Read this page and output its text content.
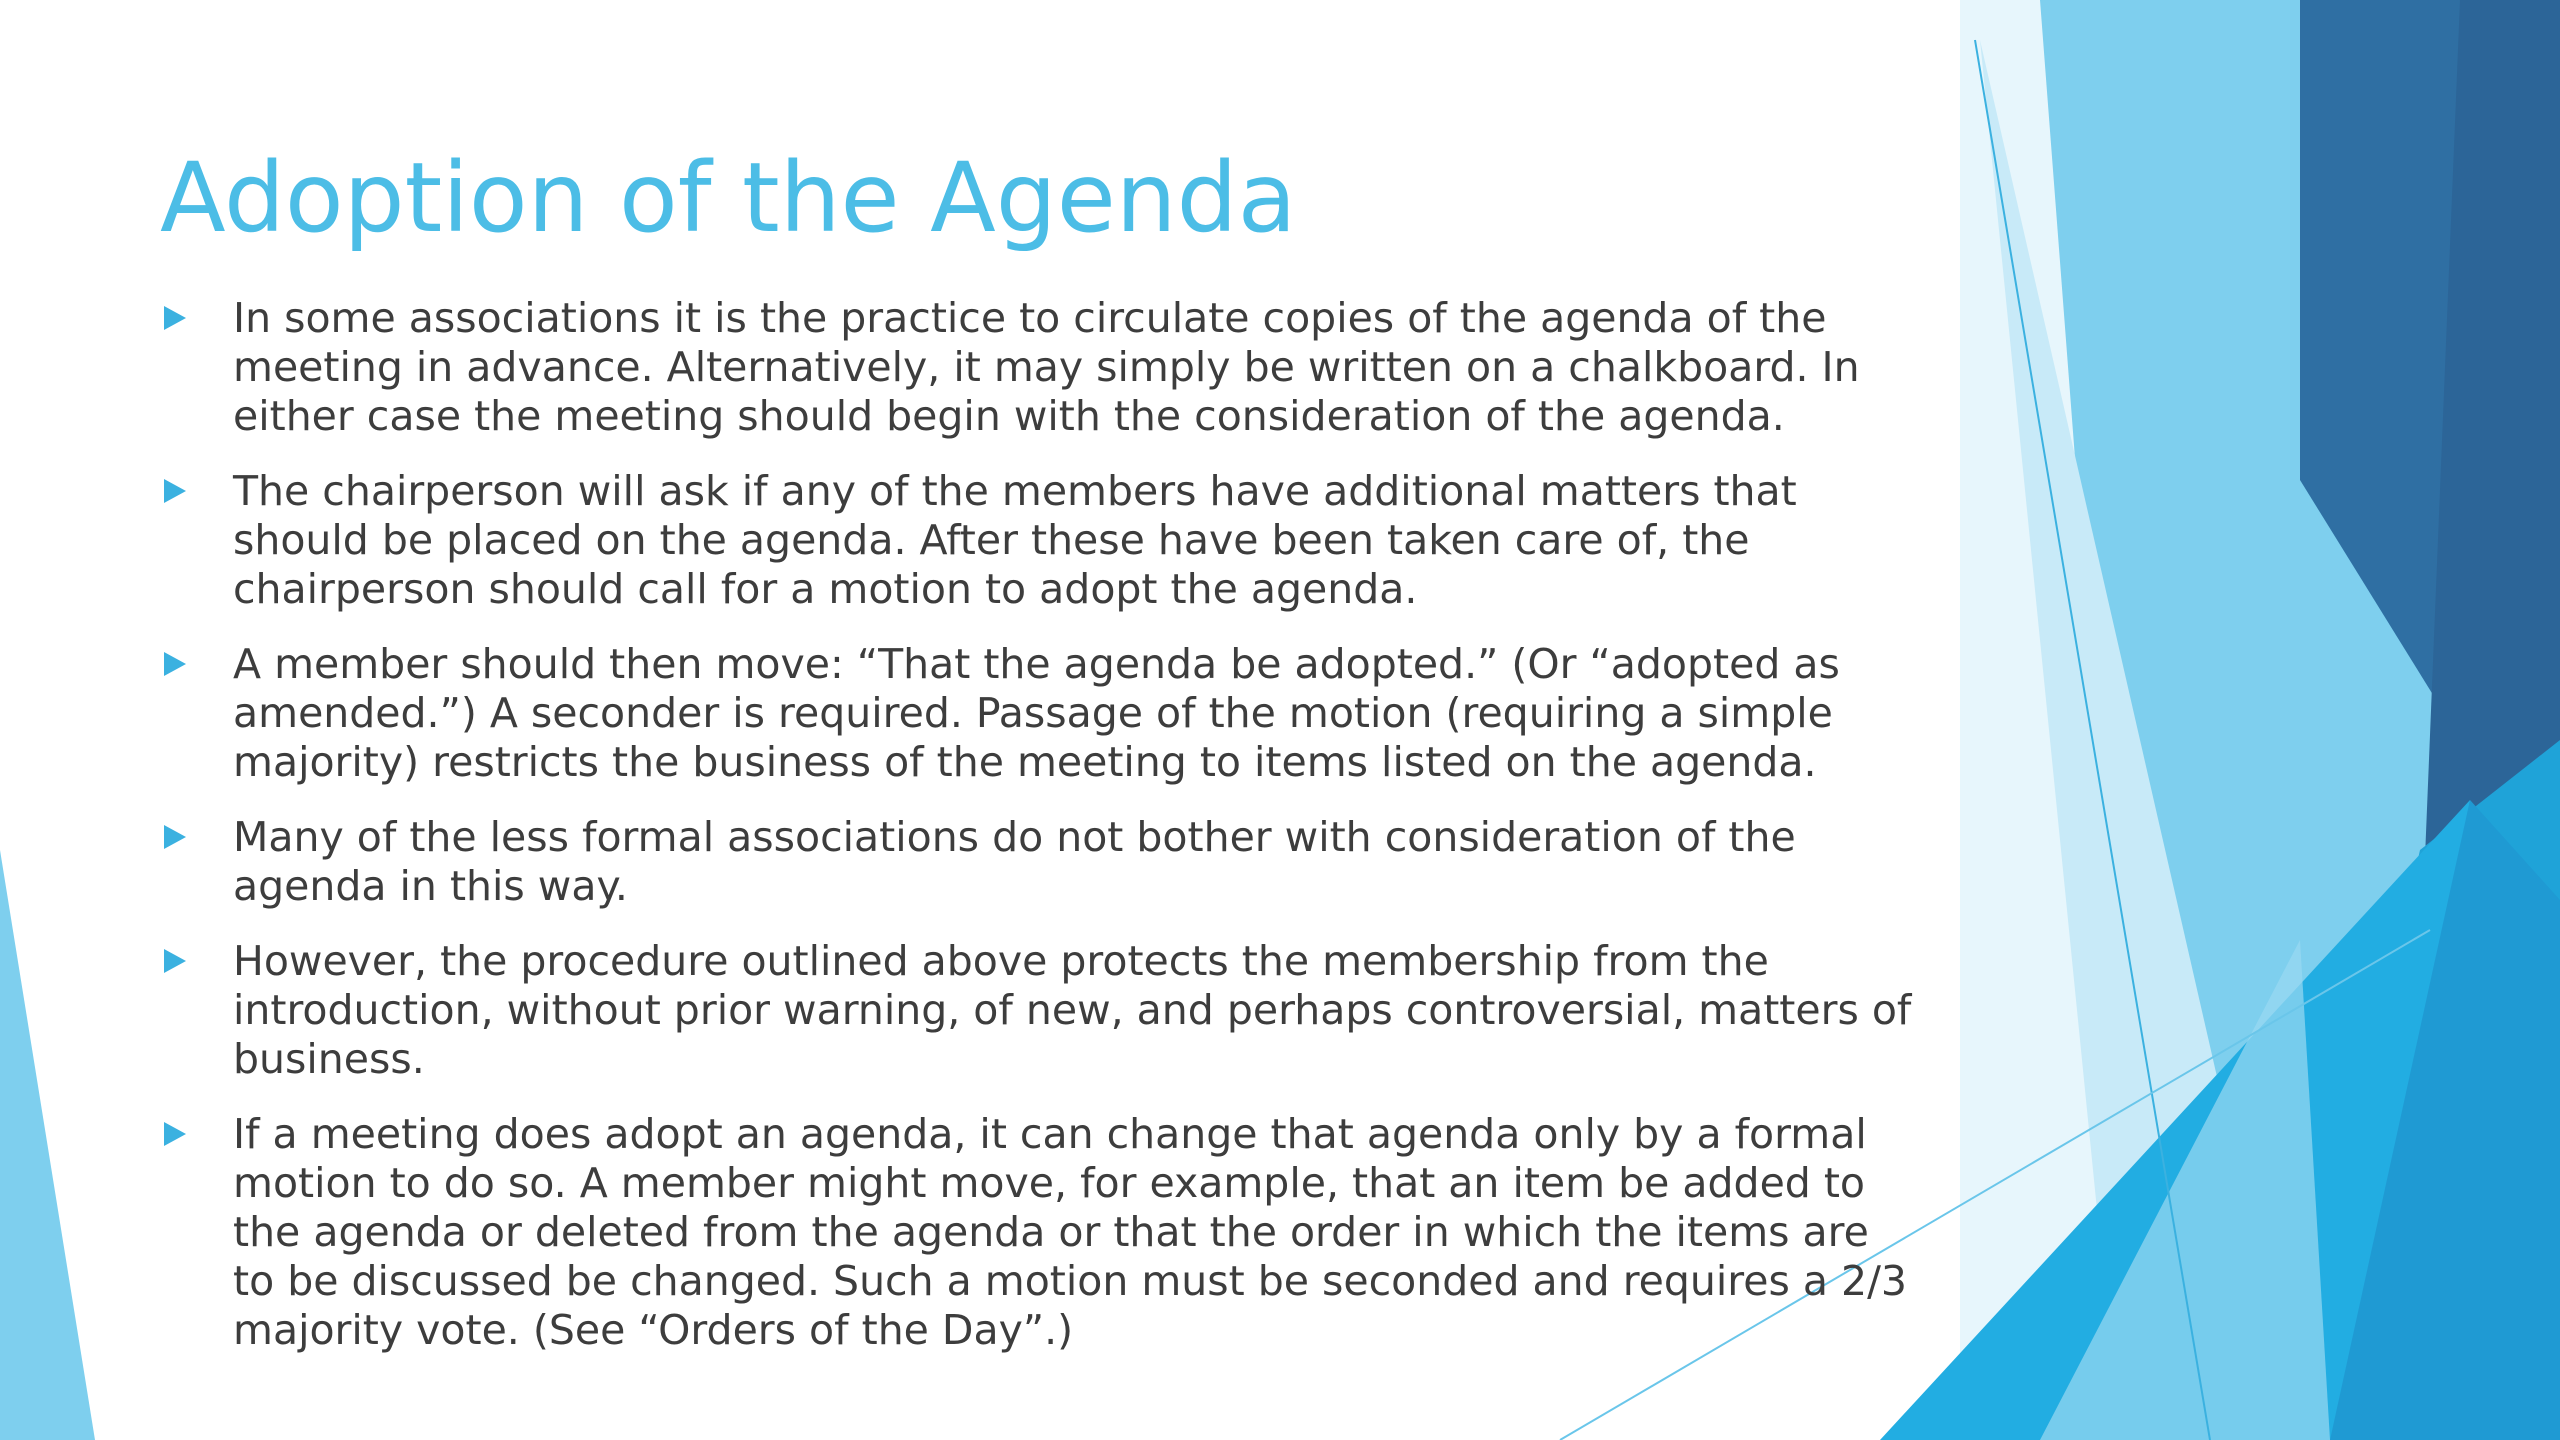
Adoption of the Agenda
In some associations it is the practice to circulate copies of the agenda of the meeting in advance. Alternatively, it may simply be written on a chalkboard. In either case the meeting should begin with the consideration of the agenda.
The chairperson will ask if any of the members have additional matters that should be placed on the agenda. After these have been taken care of, the chairperson should call for a motion to adopt the agenda.
A member should then move: “That the agenda be adopted.” (Or “adopted as amended.”) A seconder is required. Passage of the motion (requiring a simple majority) restricts the business of the meeting to items listed on the agenda.
Many of the less formal associations do not bother with consideration of the agenda in this way.
However, the procedure outlined above protects the membership from the introduction, without prior warning, of new, and perhaps controversial, matters of business.
If a meeting does adopt an agenda, it can change that agenda only by a formal motion to do so. A member might move, for example, that an item be added to the agenda or deleted from the agenda or that the order in which the items are to be discussed be changed. Such a motion must be seconded and requires a 2/3 majority vote. (See “Orders of the Day”.)
